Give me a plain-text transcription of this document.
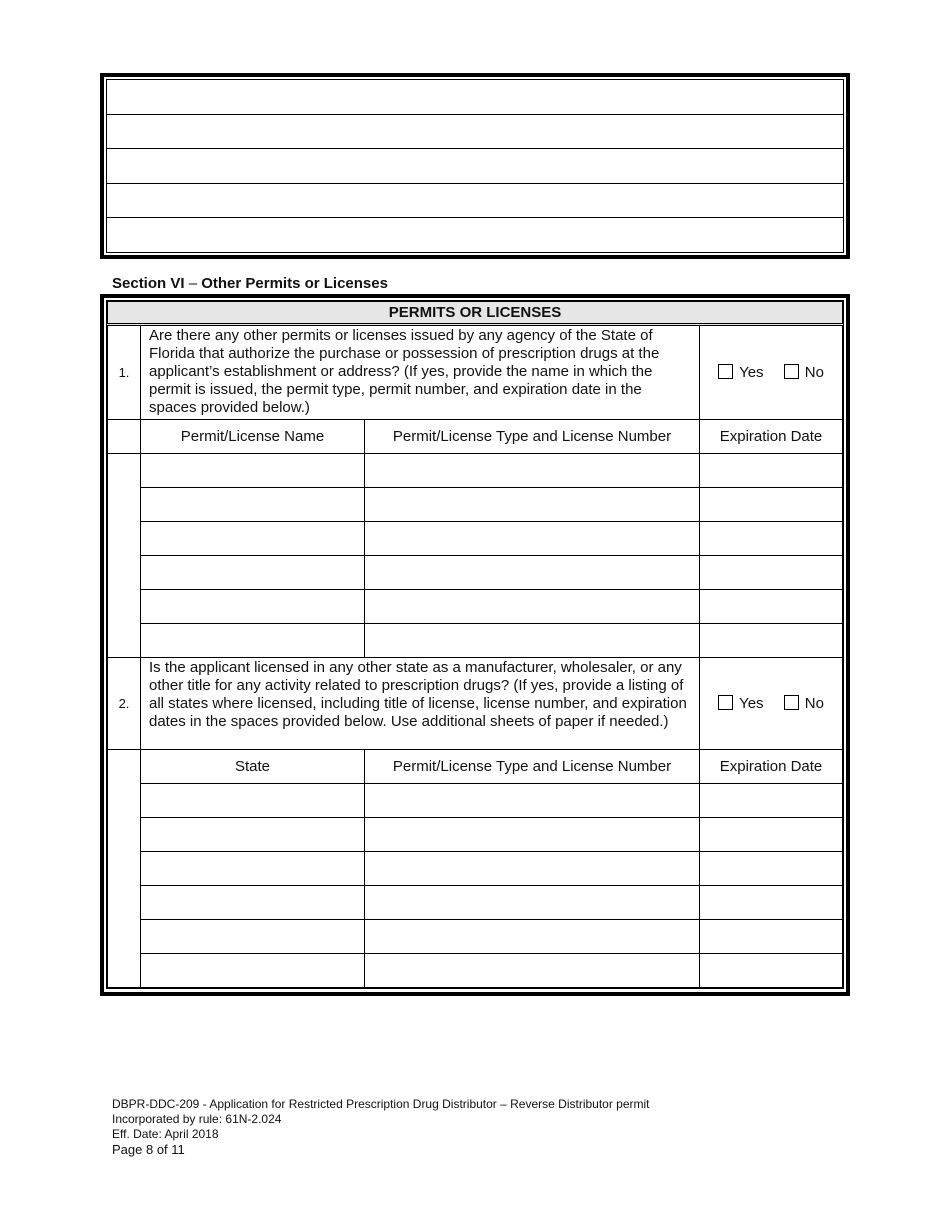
Section VI – Other Permits or Licenses

PERMITS OR LICENSES			
1.	Are there any other permits or licenses issued by any agency of the State of Florida that authorize the purchase or possession of prescription drugs at the applicant’s establishment or address? (If yes, provide the name in which the permit is issued, the permit type, permit number, and expiration date in the spaces provided below.)		Yes No
	Permit/License Name	Permit/License Type and License Number	Expiration Date

2.	Is the applicant licensed in any other state as a manufacturer, wholesaler, or any other title for any activity related to prescription drugs? (If yes, provide a listing of all states where licensed, including title of license, license number, and expiration dates in the spaces provided below. Use additional sheets of paper if needed.)		Yes No
	State	Permit/License Type and License Number	Expiration Date

DBPR-DDC-209 - Application for Restricted Prescription Drug Distributor – Reverse Distributor permit
Incorporated by rule: 61N-2.024
Eff. Date: April 2018
Page 8 of 11
